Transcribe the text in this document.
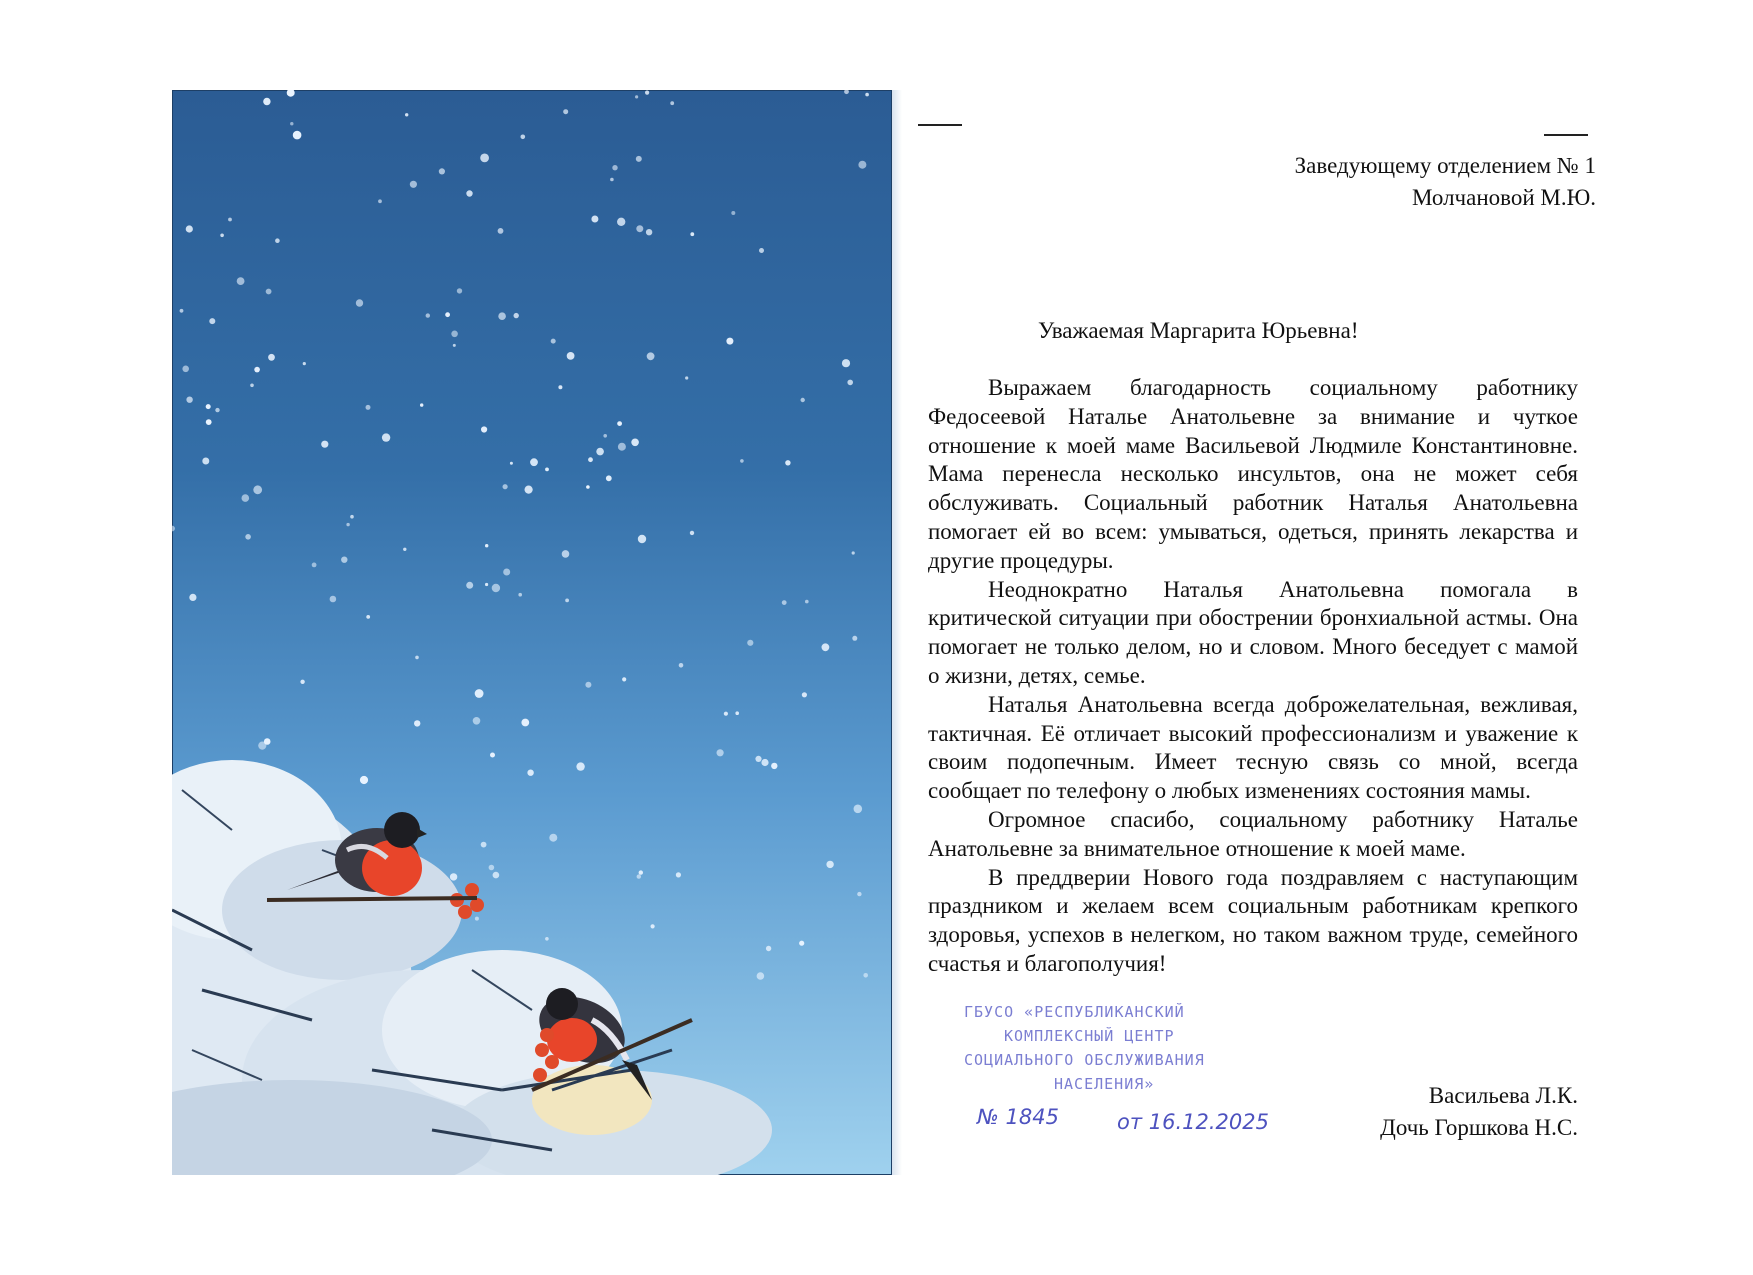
Заведующему отделением № 1
Молчановой М.Ю.
Уважаемая Маргарита Юрьевна!

Выражаем благодарность социальному работнику Федосеевой Наталье Анатольевне за внимание и чуткое отношение к моей маме Васильевой Людмиле Константиновне. Мама перенесла несколько инсультов, она не может себя обслуживать. Социальный работник Наталья Анатольевна помогает ей во всем: умываться, одеться, принять лекарства и другие процедуры.

Неоднократно Наталья Анатольевна помогала в критической ситуации при обострении бронхиальной астмы. Она помогает не только делом, но и словом. Много беседует с мамой о жизни, детях, семье.

Наталья Анатольевна всегда доброжелательная, вежливая, тактичная. Её отличает высокий профессионализм и уважение к своим подопечным. Имеет тесную связь со мной, всегда сообщает по телефону о любых изменениях состояния мамы.

Огромное спасибо, социальному работнику Наталье Анатольевне за внимательное отношение к моей маме.

В преддверии Нового года поздравляем с наступающим праздником и желаем всем социальным работникам крепкого здоровья, успехов в нелегком, но таком важном труде, семейного счастья и благополучия!

ГБУСО «РЕСПУБЛИКАНСКИЙ
КОМПЛЕКСНЫЙ ЦЕНТР
СОЦИАЛЬНОГО ОБСЛУЖИВАНИЯ
НАСЕЛЕНИЯ»
№ 1845	от 16.12.2025
Васильева Л.К.
Дочь Горшкова Н.С.
